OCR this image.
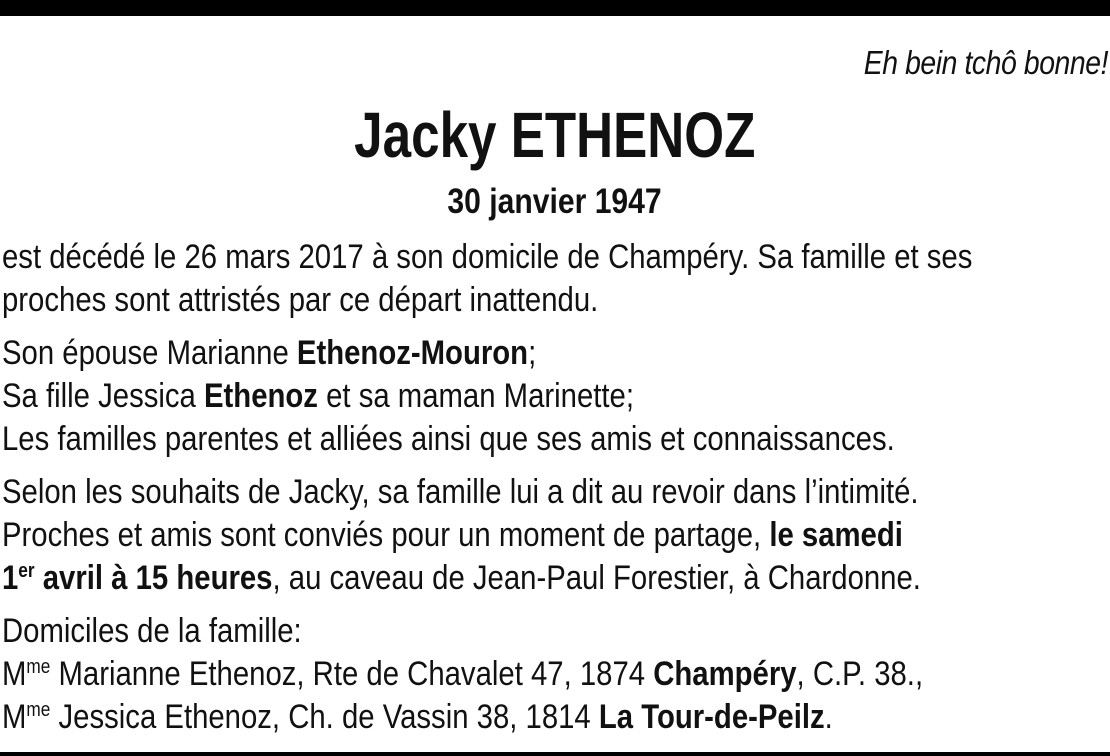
Eh bein tchô bonne!
Jacky ETHENOZ
30 janvier 1947

est décédé le 26 mars 2017 à son domicile de Champéry. Sa famille et ses

proches sont attristés par ce départ inattendu.

Son épouse Marianne Ethenoz-Mouron;

Sa fille Jessica Ethenoz et sa maman Marinette;

Les familles parentes et alliées ainsi que ses amis et connaissances.

Selon les souhaits de Jacky, sa famille lui a dit au revoir dans l’intimité.

Proches et amis sont conviés pour un moment de partage, le samedi

1er avril à 15 heures, au caveau de Jean-Paul Forestier, à Chardonne.

Domiciles de la famille:

$M^{me}$ Marianne Ethenoz, Rte de Chavalet 47, 1874 Champéry, C.P. 38.,

$M^{me}$ Jessica Ethenoz, Ch. de Vassin 38, 1814 La Tour-de-Peilz.
